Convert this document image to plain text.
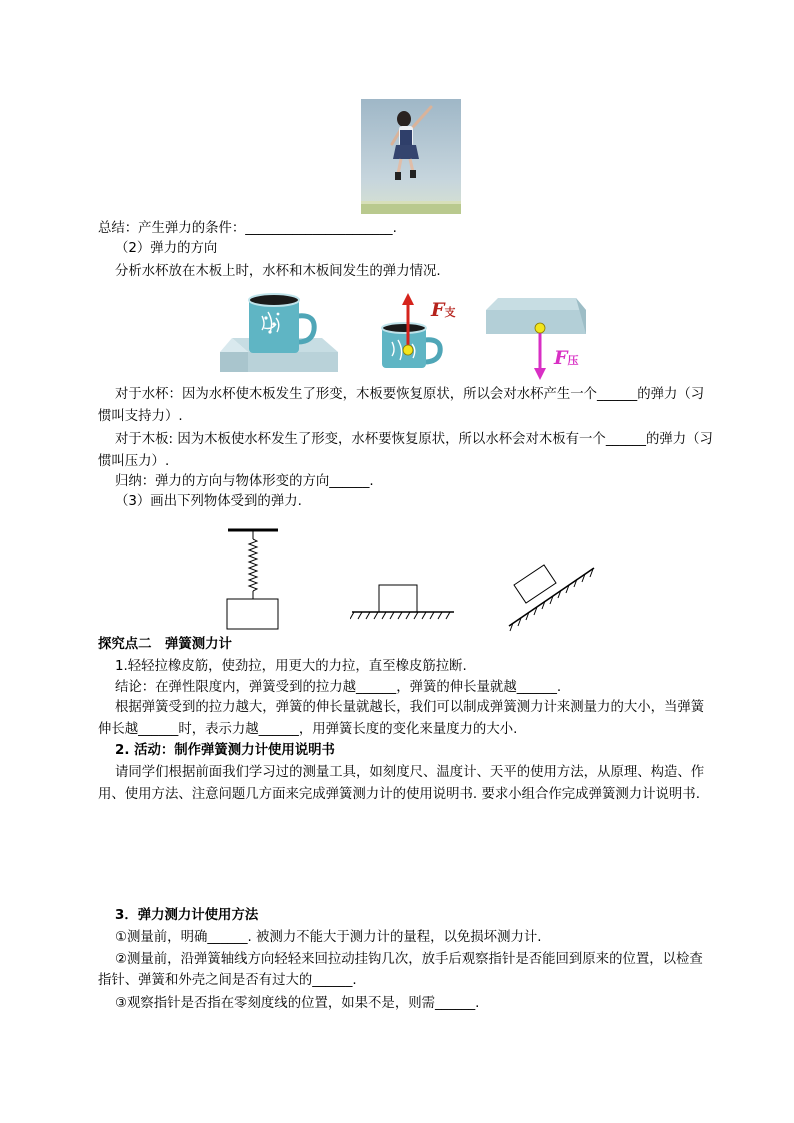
总结：产生弹力的条件：______________________.
（2）弹力的方向
分析水杯放在木板上时，水杯和木板间发生的弹力情况.
F支
F压
对于水杯：因为水杯使木板发生了形变，木板要恢复原状，所以会对水杯产生一个______的弹力（习
惯叫支持力）.
对于木板: 因为木板使水杯发生了形变，水杯要恢复原状，所以水杯会对木板有一个______的弹力（习
惯叫压力）.
归纳：弹力的方向与物体形变的方向______.
（3）画出下列物体受到的弹力.
探究点二　弹簧测力计
1.轻轻拉橡皮筋，使劲拉，用更大的力拉，直至橡皮筋拉断.
结论：在弹性限度内，弹簧受到的拉力越______，弹簧的伸长量就越______.
根据弹簧受到的拉力越大，弹簧的伸长量就越长，我们可以制成弹簧测力计来测量力的大小，当弹簧
伸长越______时，表示力越______，用弹簧长度的变化来量度力的大小.
2. 活动：制作弹簧测力计使用说明书
请同学们根据前面我们学习过的测量工具，如刻度尺、温度计、天平的使用方法，从原理、构造、作
用、使用方法、注意问题几方面来完成弹簧测力计的使用说明书. 要求小组合作完成弹簧测力计说明书.
3．弹力测力计使用方法
①测量前，明确______. 被测力不能大于测力计的量程，以免损坏测力计.
②测量前，沿弹簧轴线方向轻轻来回拉动挂钩几次，放手后观察指针是否能回到原来的位置，以检查
指针、弹簧和外壳之间是否有过大的______.
③观察指针是否指在零刻度线的位置，如果不是，则需______.
